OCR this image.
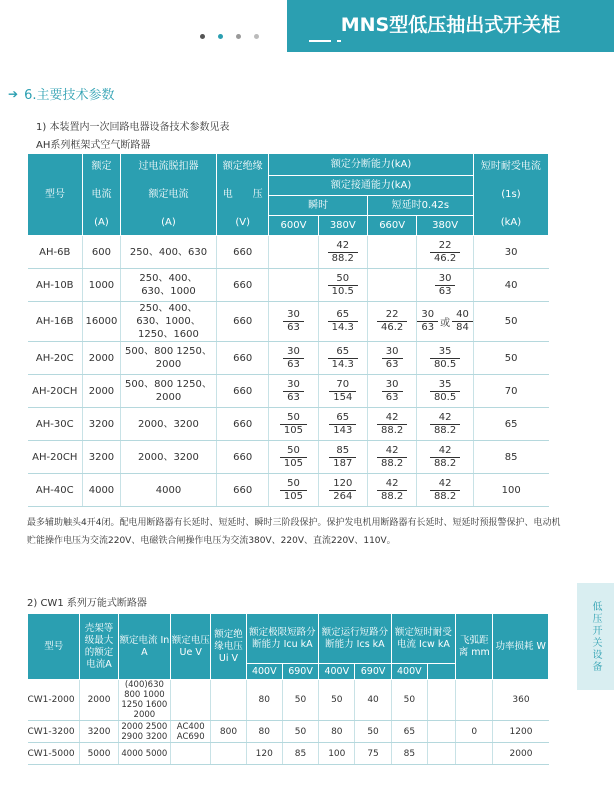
MNS型低压抽出式开关柜
➔ 6.主要技术参数
1) 本装置内一次回路电器设备技术参数见表
AH系列框架式空气断路器
型号	额定

电流

(A)	过电流脱扣器

额定电流

(A)	额定绝缘

电　　压

(V)	额定分断能力(kA)				短时耐受电流

(1s)

(kA)
				额定接通能力(kA)				
				瞬时		短延时0.42s		
				600V	380V	660V	380V	
AH-6B	600	250、400、630	660		$\frac{42}{88.2}$		$\frac{22}{46.2}$	30
AH-10B	1000	250、400、630、1000	660		$\frac{50}{10.5}$		$\frac{30}{63}$	40
AH-16B	16000	250、400、630、1000、1250、1600	660	$\frac{30}{63}$	$\frac{65}{14.3}$	$\frac{22}{46.2}$	$\frac{30}{63}$ 或 $\frac{40}{84}$	50
AH-20C	2000	500、800 1250、2000	660	$\frac{30}{63}$	$\frac{65}{14.3}$	$\frac{30}{63}$	$\frac{35}{80.5}$	50
AH-20CH	2000	500、800 1250、2000	660	$\frac{30}{63}$	$\frac{70}{154}$	$\frac{30}{63}$	$\frac{35}{80.5}$	70
AH-30C	3200	2000、3200	660	$\frac{50}{105}$	$\frac{65}{143}$	$\frac{42}{88.2}$	$\frac{42}{88.2}$	65
AH-20CH	3200	2000、3200	660	$\frac{50}{105}$	$\frac{85}{187}$	$\frac{42}{88.2}$	$\frac{42}{88.2}$	85
AH-40C	4000	4000	660	$\frac{50}{105}$	$\frac{120}{264}$	$\frac{42}{88.2}$	$\frac{42}{88.2}$	100
最多辅助触头4开4闭。配电用断路器有长延时、短延时、瞬时三阶段保护。保护发电机用断路器有长延时、短延时预报警保护、电动机贮能操作电压为交流220V、电磁铁合闸操作电压为交流380V、220V、直流220V、110V。
2) CW1 系列万能式断路器
型号	壳架等级最大的额定电流A	额定电流 In A	额定电压 Ue V	额定绝缘电压 Ui V	额定极限短路分断能力 Icu kA		额定运行短路分断能力 Ics kA		额定短时耐受电流 Icw kA		飞弧距离 mm	功率损耗 W
					400V	690V	400V	690V	400V			
CW1-2000	2000	(400)630 800 1000 1250 1600 2000			80	50	50	40	50			360
CW1-3200	3200	2000 2500 2900 3200	AC400 AC690	800	80	50	80	50	65		0	1200
CW1-5000	5000	4000 5000			120	85	100	75	85			2000
低压开关设备
